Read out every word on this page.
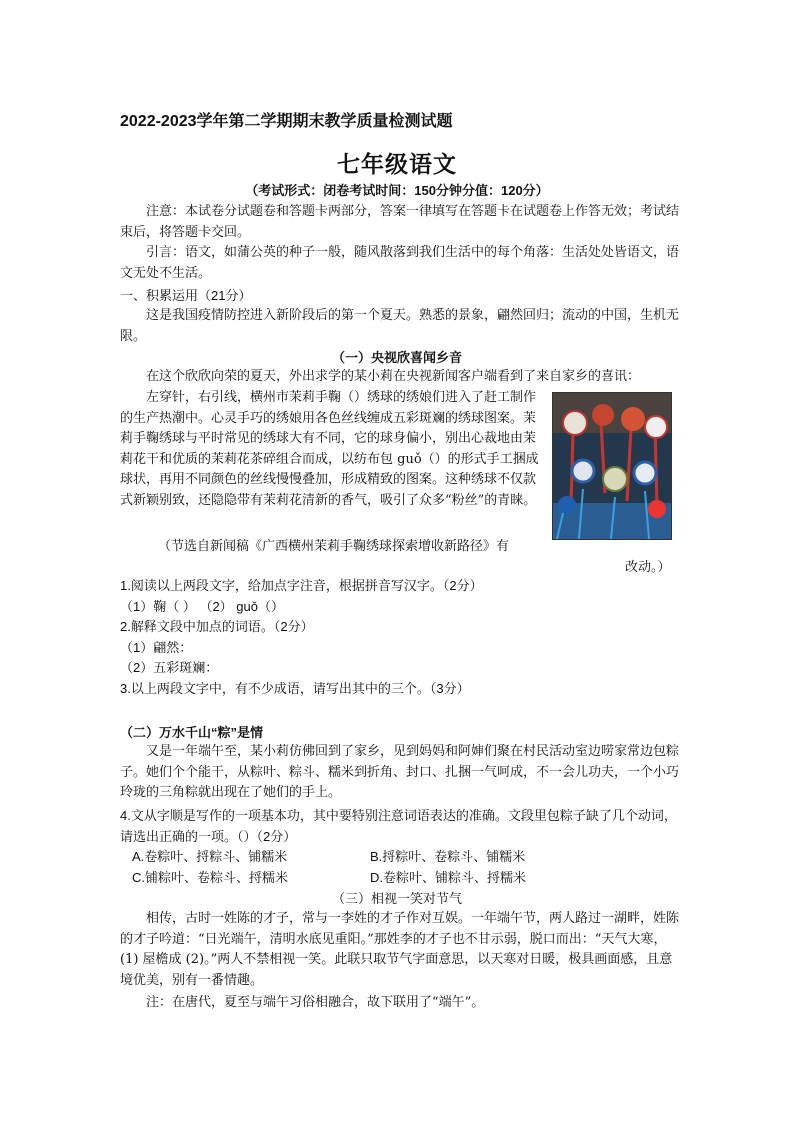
2022-2023学年第二学期期末教学质量检测试题
七年级语文
（考试形式：闭卷考试时间：150分钟分值：120分）
注意：本试卷分试题卷和答题卡两部分，答案一律填写在答题卡在试题卷上作答无效；考试结束后，将答题卡交回。
引言：语文，如蒲公英的种子一般，随风散落到我们生活中的每个角落：生活处处皆语文，语文无处不生活。
一、积累运用（21分）
这是我国疫情防控进入新阶段后的第一个夏天。熟悉的景象，翩然回归；流动的中国，生机无限。
（一）央视欣喜闻乡音
在这个欣欣向荣的夏天，外出求学的某小莉在央视新闻客户端看到了来自家乡的喜讯：
左穿针，右引线，横州市茉莉手鞠（）绣球的绣娘们进入了赶工制作的生产热潮中。心灵手巧的绣娘用各色丝线缠成五彩斑斓的绣球图案。茉莉手鞠绣球与平时常见的绣球大有不同，它的球身偏小，别出心裁地由茉莉花干和优质的茉莉花茶碎组合而成，以纺布包 guǒ（）的形式手工捆成球状，再用不同颜色的丝线慢慢叠加，形成精致的图案。这种绣球不仅款式新颖别致，还隐隐带有茉莉花清新的香气，吸引了众多“粉丝”的青睐。
（节选自新闻稿《广西横州茉莉手鞠绣球探索增收新路径》有
改动。）

1.阅读以上两段文字，给加点字注音，根据拼音写汉字。（2分）

（1）鞠（ ） （2） guǒ（）

2.解释文段中加点的词语。（2分）

（1）翩然：

（2）五彩斑斓：

3.以上两段文字中，有不少成语，请写出其中的三个。（3分）

（二）万水千山“粽”是情
又是一年端午至，某小莉仿佛回到了家乡，见到妈妈和阿婶们聚在村民活动室边唠家常边包粽子。她们个个能干，从粽叶、粽斗、糯米到折角、封口、扎捆一气呵成，不一会儿功夫，一个小巧玲珑的三角粽就出现在了她们的手上。
4.文从字顺是写作的一项基本功，其中要特别注意词语表达的准确。文段里包粽子缺了几个动词，请选出正确的一项。（）（2分）
A.卷粽叶、捋粽斗、铺糯米	B.捋粽叶、卷粽斗、铺糯米
C.铺粽叶、卷粽斗、捋糯米	D.卷粽叶、铺粽斗、捋糯米
（三）相视一笑对节气
相传，古时一姓陈的才子，常与一李姓的才子作对互娱。一年端午节，两人路过一湖畔，姓陈的才子吟道：“日光端午，清明水底见重阳。”那姓李的才子也不甘示弱，脱口而出：“天气大寒，(1) 屋檐成 (2)。”两人不禁相视一笑。此联只取节气字面意思，以天寒对日暖，极具画面感，且意境优美，别有一番情趣。
注：在唐代，夏至与端午习俗相融合，故下联用了“端午”。
